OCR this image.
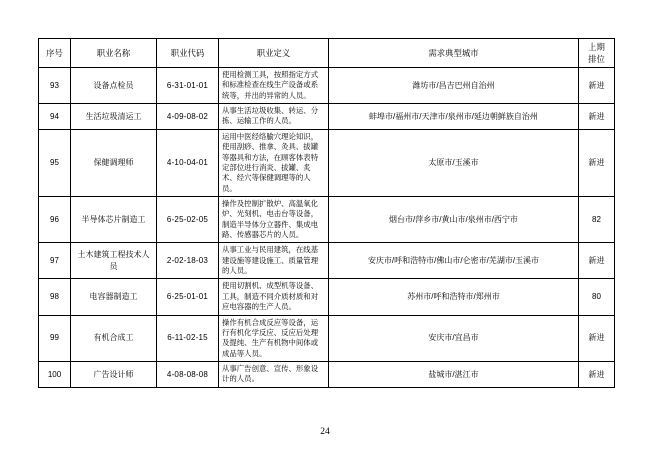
序号	职业名称	职业代码	职业定义	需求典型城市	上期
排位

93	设备点检员	6-31-01-01	使用检测工具，按照指定方式和标准检查在线生产设备或系统等，并出的异常的人员。	潍坊市/昌吉巴州自治州	新进
94	生活垃圾清运工	4-09-08-02	从事生活垃圾收集、转运、分拣、运输工作的人员。	蚌埠市/福州市/天津市/泉州市/延边朝鲜族自治州	新进
95	保健调理师	4-10-04-01	运用中医经络腧穴理论知识，使用刮痧、推拿、灸具、拔罐等器具和方法，在顾客体表特定部位进行消炎、拔罐、炙术、经穴等保健调理等的人员。	太原市/玉溪市	新进
96	半导体芯片制造工	6-25-02-05	操作及控制扩散炉、高温氧化炉、光刻机、电击台等设备，制造半导体分立器件、集成电路、传感器芯片的人员。	烟台市/萍乡市/黄山市/泉州市/西宁市	82
97	土木建筑工程技术人员	2-02-18-03	从事工业与民用建筑，在线基建设施等建设施工、质量管理的人员。	安庆市/呼和浩特市/佛山市/仑密市/芜湖市/玉溪市	新进
98	电容器制造工	6-25-01-01	使用切割机、成型机等设备、工具，制造不同介质材质和对应电容器的生产人员。	苏州市/呼和浩特市/郑州市	80
99	有机合成工	6-11-02-15	操作有机合成反应等设备，运行有机化学反应、反应后处理及提纯、生产有机物中间体或成品等人员。	安庆市/宜昌市	新进
100	广告设计师	4-08-08-08	从事广告创意、宣传、形象设计的人员。	盐城市/湛江市	新进
24
